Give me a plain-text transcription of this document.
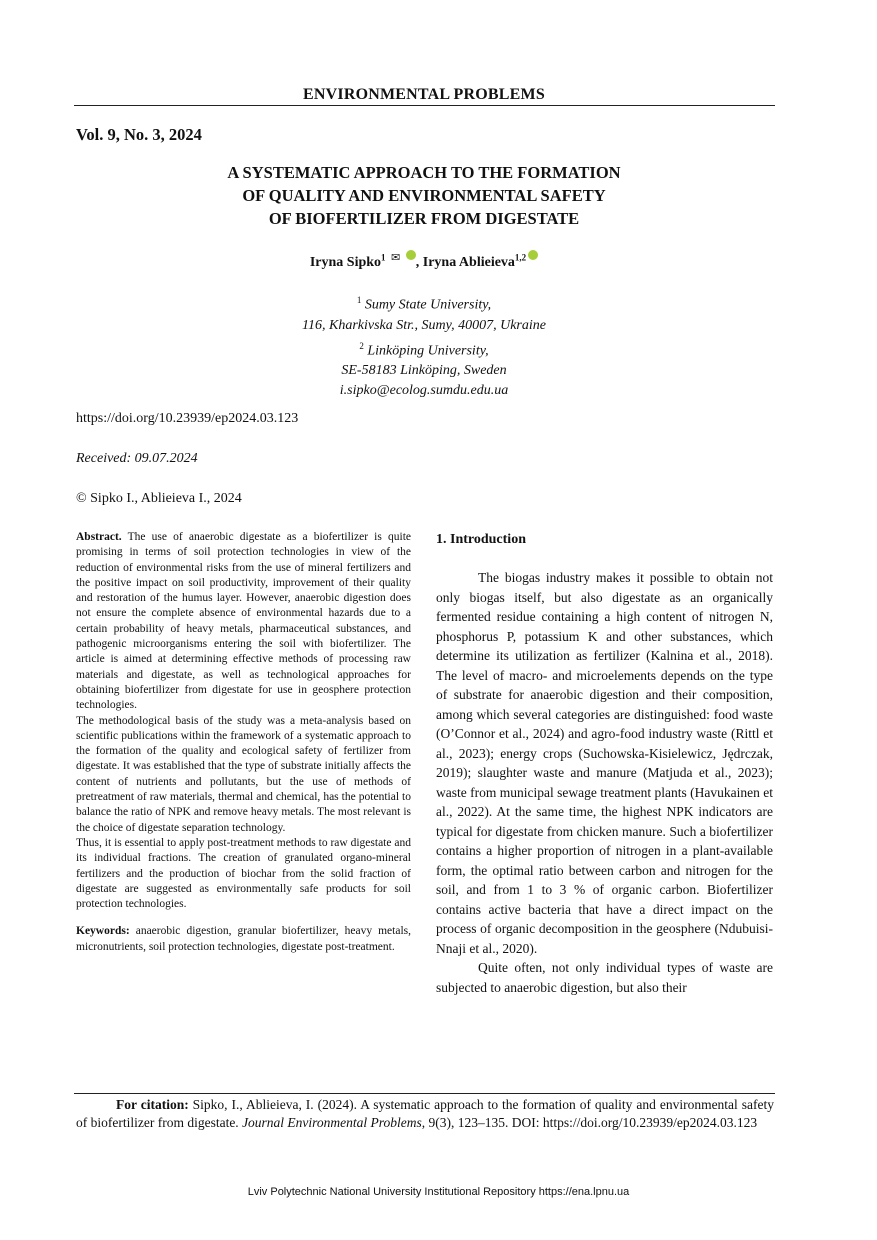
ENVIRONMENTAL PROBLEMS
Vol. 9, No. 3, 2024
A SYSTEMATIC APPROACH TO THE FORMATION
OF QUALITY AND ENVIRONMENTAL SAFETY
OF BIOFERTILIZER FROM DIGESTATE
Iryna Sipko$^1$ ✉ , Iryna Ablieieva$^{1,2}$
$^1$ Sumy State University,
116, Kharkivska Str., Sumy, 40007, Ukraine
$^2$ Linköping University,
SE-58183 Linköping, Sweden
i.sipko@ecolog.sumdu.edu.ua
https://doi.org/10.23939/ep2024.03.123
Received: 09.07.2024
© Sipko I., Ablieieva I., 2024

Abstract. The use of anaerobic digestate as a biofertilizer is quite promising in terms of soil protection technologies in view of the reduction of environmental risks from the use of mineral fertilizers and the positive impact on soil productivity, improvement of their quality and restoration of the humus layer. However, anaerobic digestion does not ensure the complete absence of environmental hazards due to a certain probability of heavy metals, pharmaceutical substances, and pathogenic microorganisms entering the soil with biofertilizer. The article is aimed at determining effective methods of processing raw materials and digestate, as well as technological approaches for obtaining biofertilizer from digestate for use in geosphere protection technologies.

The methodological basis of the study was a meta-analysis based on scientific publications within the framework of a systematic approach to the formation of the quality and ecological safety of fertilizer from digestate. It was established that the type of substrate initially affects the content of nutrients and pollutants, but the use of methods of pretreatment of raw materials, thermal and chemical, has the potential to balance the ratio of NPK and remove heavy metals. The most relevant is the choice of digestate separation technology.

Thus, it is essential to apply post-treatment methods to raw digestate and its individual fractions. The creation of granulated organo-mineral fertilizers and the production of biochar from the solid fraction of digestate are suggested as environmentally safe products for soil protection technologies.

Keywords: anaerobic digestion, granular biofertilizer, heavy metals, micronutrients, soil protection technologies, digestate post-treatment.

1. Introduction

The biogas industry makes it possible to obtain not only biogas itself, but also digestate as an organically fermented residue containing a high content of nitrogen N, phosphorus P, potassium K and other substances, which determine its utilization as fertilizer (Kalnina et al., 2018). The level of macro- and microelements depends on the type of substrate for anaerobic digestion and their composition, among which several categories are distinguished: food waste (O’Connor et al., 2024) and agro-food industry waste (Rittl et al., 2023); energy crops (Suchowska-Kisielewicz, Jędrczak, 2019); slaughter waste and manure (Matjuda et al., 2023); waste from municipal sewage treatment plants (Havukainen et al., 2022). At the same time, the highest NPK indicators are typical for digestate from chicken manure. Such a biofertilizer contains a higher proportion of nitrogen in a plant-available form, the optimal ratio between carbon and nitrogen for the soil, and from 1 to 3 % of organic carbon. Biofertilizer contains active bacteria that have a direct impact on the process of organic decomposition in the geosphere (Ndubuisi-Nnaji et al., 2020).

Quite often, not only individual types of waste are subjected to anaerobic digestion, but also their

For citation: Sipko, I., Ablieieva, I. (2024). A systematic approach to the formation of quality and environmental safety of biofertilizer from digestate. Journal Environmental Problems, 9(3), 123–135. DOI: https://doi.org/10.23939/ep2024.03.123
Lviv Polytechnic National University Institutional Repository https://ena.lpnu.ua
